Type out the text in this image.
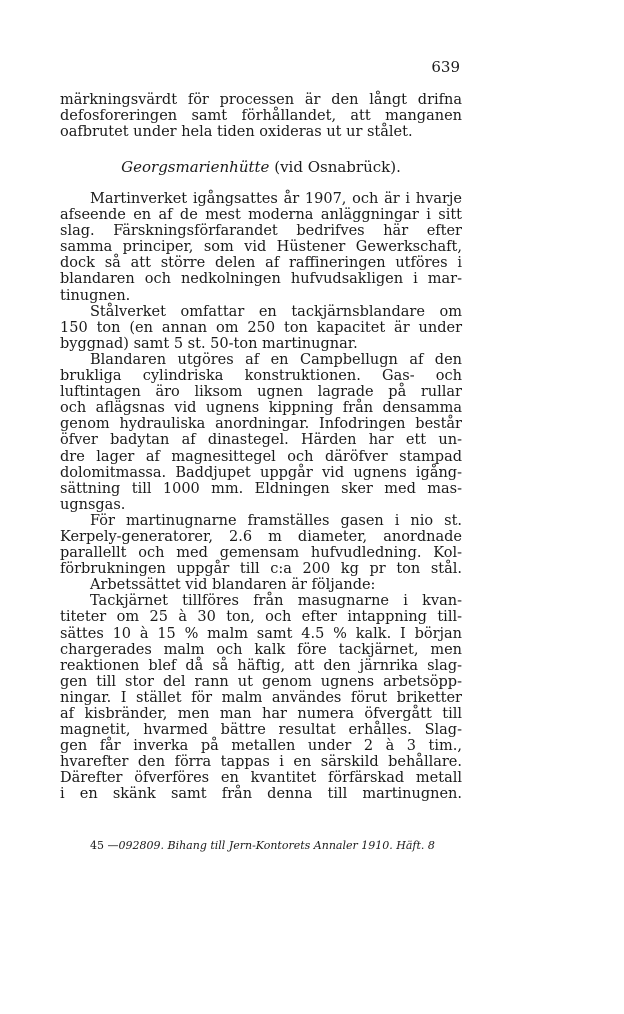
639
märkningsvärdt för processen är den långt drifna
defosforeringen samt förhållandet, att manganen
oafbrutet under hela tiden oxideras ut ur stålet.
Georgsmarienhütte (vid Osnabrück).
Martinverket igångsattes år 1907, och är i hvarje
afseende en af de mest moderna anläggningar i sitt
slag. Färskningsförfarandet bedrifves här efter
samma principer, som vid Hüstener Gewerkschaft,
dock så att större delen af raffineringen utföres i
blandaren och nedkolningen hufvudsakligen i mar-
tinugnen.
Stålverket omfattar en tackjärnsblandare om
150 ton (en annan om 250 ton kapacitet är under
byggnad) samt 5 st. 50-ton martinugnar.
Blandaren utgöres af en Campbellugn af den
brukliga cylindriska konstruktionen. Gas- och
luftintagen äro liksom ugnen lagrade på rullar
och aflägsnas vid ugnens kippning från densamma
genom hydrauliska anordningar. Infodringen består
öfver badytan af dinastegel. Härden har ett un-
dre lager af magnesittegel och däröfver stampad
dolomitmassa. Baddjupet uppgår vid ugnens igång-
sättning till 1000 mm. Eldningen sker med mas-
ugnsgas.
För martinugnarne framställes gasen i nio st.
Kerpely-generatorer, 2.6 m diameter, anordnade
parallellt och med gemensam hufvudledning. Kol-
förbrukningen uppgår till c:a 200 kg pr ton stål.
Arbetssättet vid blandaren är följande:
Tackjärnet tillföres från masugnarne i kvan-
titeter om 25 à 30 ton, och efter intappning till-
sättes 10 à 15 % malm samt 4.5 % kalk. I början
chargerades malm och kalk före tackjärnet, men
reaktionen blef då så häftig, att den järnrika slag-
gen till stor del rann ut genom ugnens arbetsöpp-
ningar. I stället för malm användes förut briketter
af kisbränder, men man har numera öfvergått till
magnetit, hvarmed bättre resultat erhålles. Slag-
gen får inverka på metallen under 2 à 3 tim.,
hvarefter den förra tappas i en särskild behållare.
Därefter öfverföres en kvantitet förfärskad metall
i en skänk samt från denna till martinugnen.
45 —092809. Bihang till Jern-Kontorets Annaler 1910. Häft. 8
